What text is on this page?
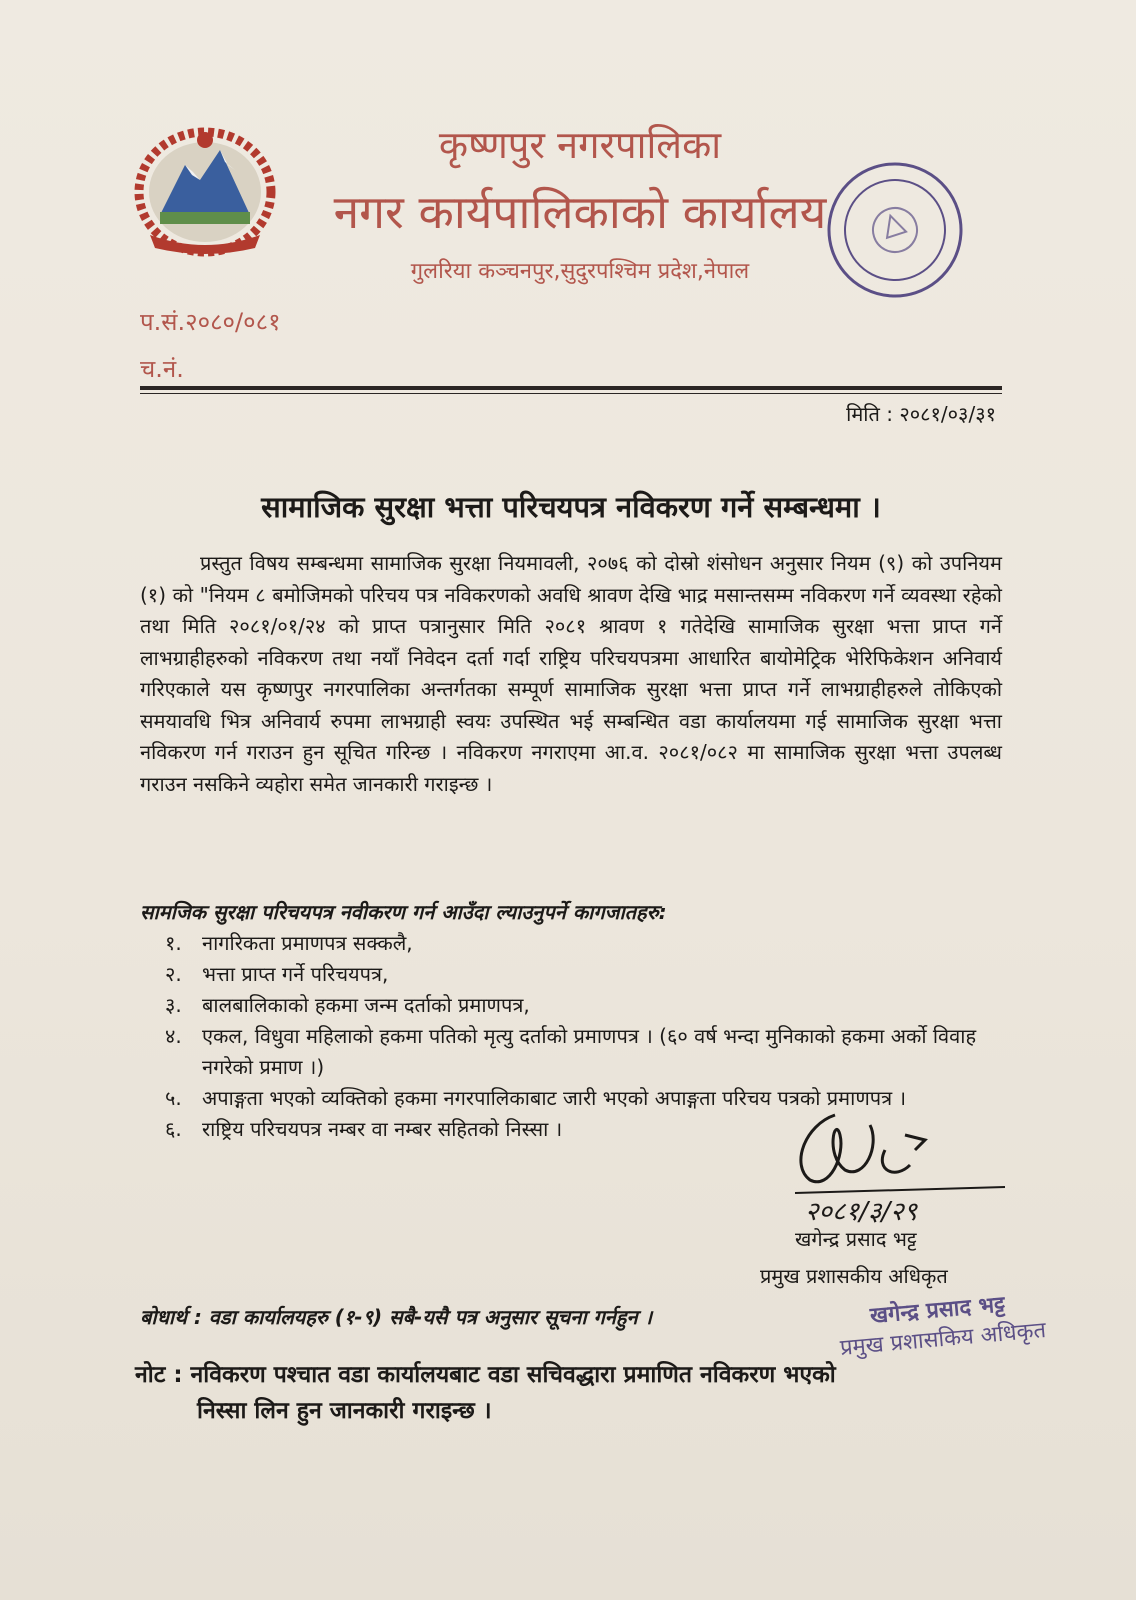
कृष्णपुर नगरपालिका
नगर कार्यपालिकाको कार्यालय
गुलरिया कञ्चनपुर,सुदुरपश्चिम प्रदेश,नेपाल
प.सं.२०८०/०८१
च.नं.
मिति : २०८१/०३/३१
सामाजिक सुरक्षा भत्ता परिचयपत्र नविकरण गर्ने सम्बन्धमा ।
प्रस्तुत विषय सम्बन्धमा सामाजिक सुरक्षा नियमावली, २०७६ को दोस्रो शंसोधन अनुसार नियम (९) को उपनियम (१) को "नियम ८ बमोजिमको परिचय पत्र नविकरणको अवधि श्रावण देखि भाद्र मसान्तसम्म नविकरण गर्ने व्यवस्था रहेको तथा मिति २०८१/०१/२४ को प्राप्त पत्रानुसार मिति २०८१ श्रावण १ गतेदेखि सामाजिक सुरक्षा भत्ता प्राप्त गर्ने लाभग्राहीहरुको नविकरण तथा नयाँ निवेदन दर्ता गर्दा राष्ट्रिय परिचयपत्रमा आधारित बायोमेट्रिक भेरिफिकेशन अनिवार्य गरिएकाले यस कृष्णपुर नगरपालिका अन्तर्गतका सम्पूर्ण सामाजिक सुरक्षा भत्ता प्राप्त गर्ने लाभग्राहीहरुले तोकिएको समयावधि भित्र अनिवार्य रुपमा लाभग्राही स्वयः उपस्थित भई सम्बन्धित वडा कार्यालयमा गई सामाजिक सुरक्षा भत्ता नविकरण गर्न गराउन हुन सूचित गरिन्छ । नविकरण नगराएमा आ.व. २०८१/०८२ मा सामाजिक सुरक्षा भत्ता उपलब्ध गराउन नसकिने व्यहोरा समेत जानकारी गराइन्छ ।
सामजिक सुरक्षा परिचयपत्र नवीकरण गर्न आउँदा ल्याउनुपर्ने कागजातहरु:
१.	नागरिकता प्रमाणपत्र सक्कलै,
२.	भत्ता प्राप्त गर्ने परिचयपत्र,
३.	बालबालिकाको हकमा जन्म दर्ताको प्रमाणपत्र,
४.	एकल, विधुवा महिलाको हकमा पतिको मृत्यु दर्ताको प्रमाणपत्र । (६० वर्ष भन्दा मुनिकाको हकमा अर्को विवाह नगरेको प्रमाण ।)
५.	अपाङ्गता भएको व्यक्तिको हकमा नगरपालिकाबाट जारी भएको अपाङ्गता परिचय पत्रको प्रमाणपत्र ।
६.	राष्ट्रिय परिचयपत्र नम्बर वा नम्बर सहितको निस्सा ।
२०८१/३/२९
खगेन्द्र प्रसाद भट्ट
प्रमुख प्रशासकीय अधिकृत
खगेन्द्र प्रसाद भट्ट
प्रमुख प्रशासकिय अधिकृत
बोधार्थ : वडा कार्यालयहरु (१-९) सबै-यसै पत्र अनुसार सूचना गर्नहुन ।
नोट : नविकरण पश्चात वडा कार्यालयबाट वडा सचिवद्धारा प्रमाणित नविकरण भएको
निस्सा लिन हुन जानकारी गराइन्छ ।
